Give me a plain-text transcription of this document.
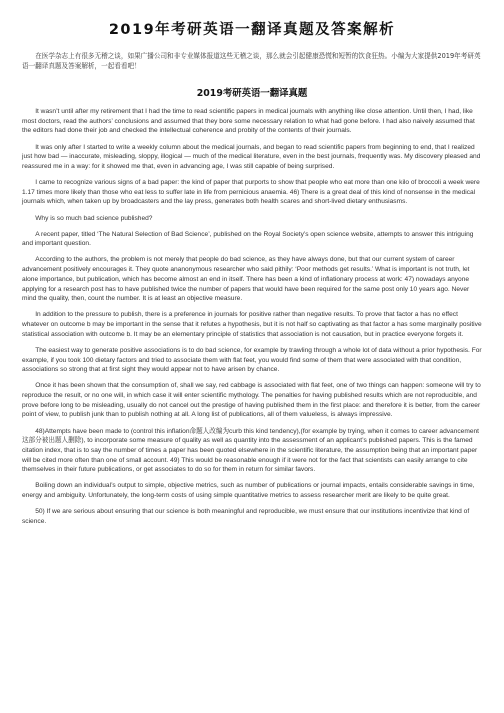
2019年考研英语一翻译真题及答案解析

在医学杂志上有很多无稽之谈，如果广播公司和非专业媒体报道这些无稽之谈，那么就会引起健康恐慌和短暂的饮食狂热。小编为大家提供2019年考研英语一翻译真题及答案解析，一起看看吧！

2019考研英语一翻译真题

It wasn’t until after my retirement that I had the time to read scientific papers in medical journals with anything like close attention. Until then, I had, like most doctors, read the authors’ conclusions and assumed that they bore some necessary relation to what had gone before. I had also naively assumed that the editors had done their job and checked the intellectual coherence and probity of the contents of their journals.

It was only after I started to write a weekly column about the medical journals, and began to read scientific papers from beginning to end, that I realized just how bad — inaccurate, misleading, sloppy, illogical — much of the medical literature, even in the best journals, frequently was. My discovery pleased and reassured me in a way: for it showed me that, even in advancing age, I was still capable of being surprised.

I came to recognize various signs of a bad paper: the kind of paper that purports to show that people who eat more than one kilo of broccoli a week were 1.17 times more likely than those who eat less to suffer late in life from pernicious anaemia. 46) There is a great deal of this kind of nonsense in the medical journals which, when taken up by broadcasters and the lay press, generates both health scares and short-lived dietary enthusiasms.

Why is so much bad science published?

A recent paper, titled ‘The Natural Selection of Bad Science’, published on the Royal Society’s open science website, attempts to answer this intriguing and important question.

According to the authors, the problem is not merely that people do bad science, as they have always done, but that our current system of career advancement positively encourages it. They quote ananonymous researcher who said pithily: ‘Poor methods get results.’ What is important is not truth, let alone importance, but publication, which has become almost an end in itself. There has been a kind of inflationary process at work: 47) nowadays anyone applying for a research post has to have published twice the number of papers that would have been required for the same post only 10 years ago. Never mind the quality, then, count the number. It is at least an objective measure.

In addition to the pressure to publish, there is a preference in journals for positive rather than negative results. To prove that factor a has no effect whatever on outcome b may be important in the sense that it refutes a hypothesis, but it is not half so captivating as that factor a has some marginally positive statistical association with outcome b. It may be an elementary principle of statistics that association is not causation, but in practice everyone forgets it.

The easiest way to generate positive associations is to do bad science, for example by trawling through a whole lot of data without a prior hypothesis. For example, if you took 100 dietary factors and tried to associate them with flat feet, you would find some of them that were associated with that condition, associations so strong that at first sight they would appear not to have arisen by chance.

Once it has been shown that the consumption of, shall we say, red cabbage is associated with flat feet, one of two things can happen: someone will try to reproduce the result, or no one will, in which case it will enter scientific mythology. The penalties for having published results which are not reproducible, and prove before long to be misleading, usually do not cancel out the prestige of having published them in the first place: and therefore it is better, from the career point of view, to publish junk than to publish nothing at all. A long list of publications, all of them valueless, is always impressive.

48)Attempts have been made to (control this inflation命题人改编为curb this kind tendency),(for example by trying, when it comes to career advancement这部分被出题人删除), to incorporate some measure of quality as well as quantity into the assessment of an applicant’s published papers. This is the famed citation index, that is to say the number of times a paper has been quoted elsewhere in the scientific literature, the assumption being that an important paper will be cited more often than one of small account. 49) This would be reasonable enough if it were not for the fact that scientists can easily arrange to cite themselves in their future publications, or get associates to do so for them in return for similar favors.

Boiling down an individual’s output to simple, objective metrics, such as number of publications or journal impacts, entails considerable savings in time, energy and ambiguity. Unfortunately, the long-term costs of using simple quantitative metrics to assess researcher merit are likely to be quite great.

50) If we are serious about ensuring that our science is both meaningful and reproducible, we must ensure that our institutions incentivize that kind of science.
